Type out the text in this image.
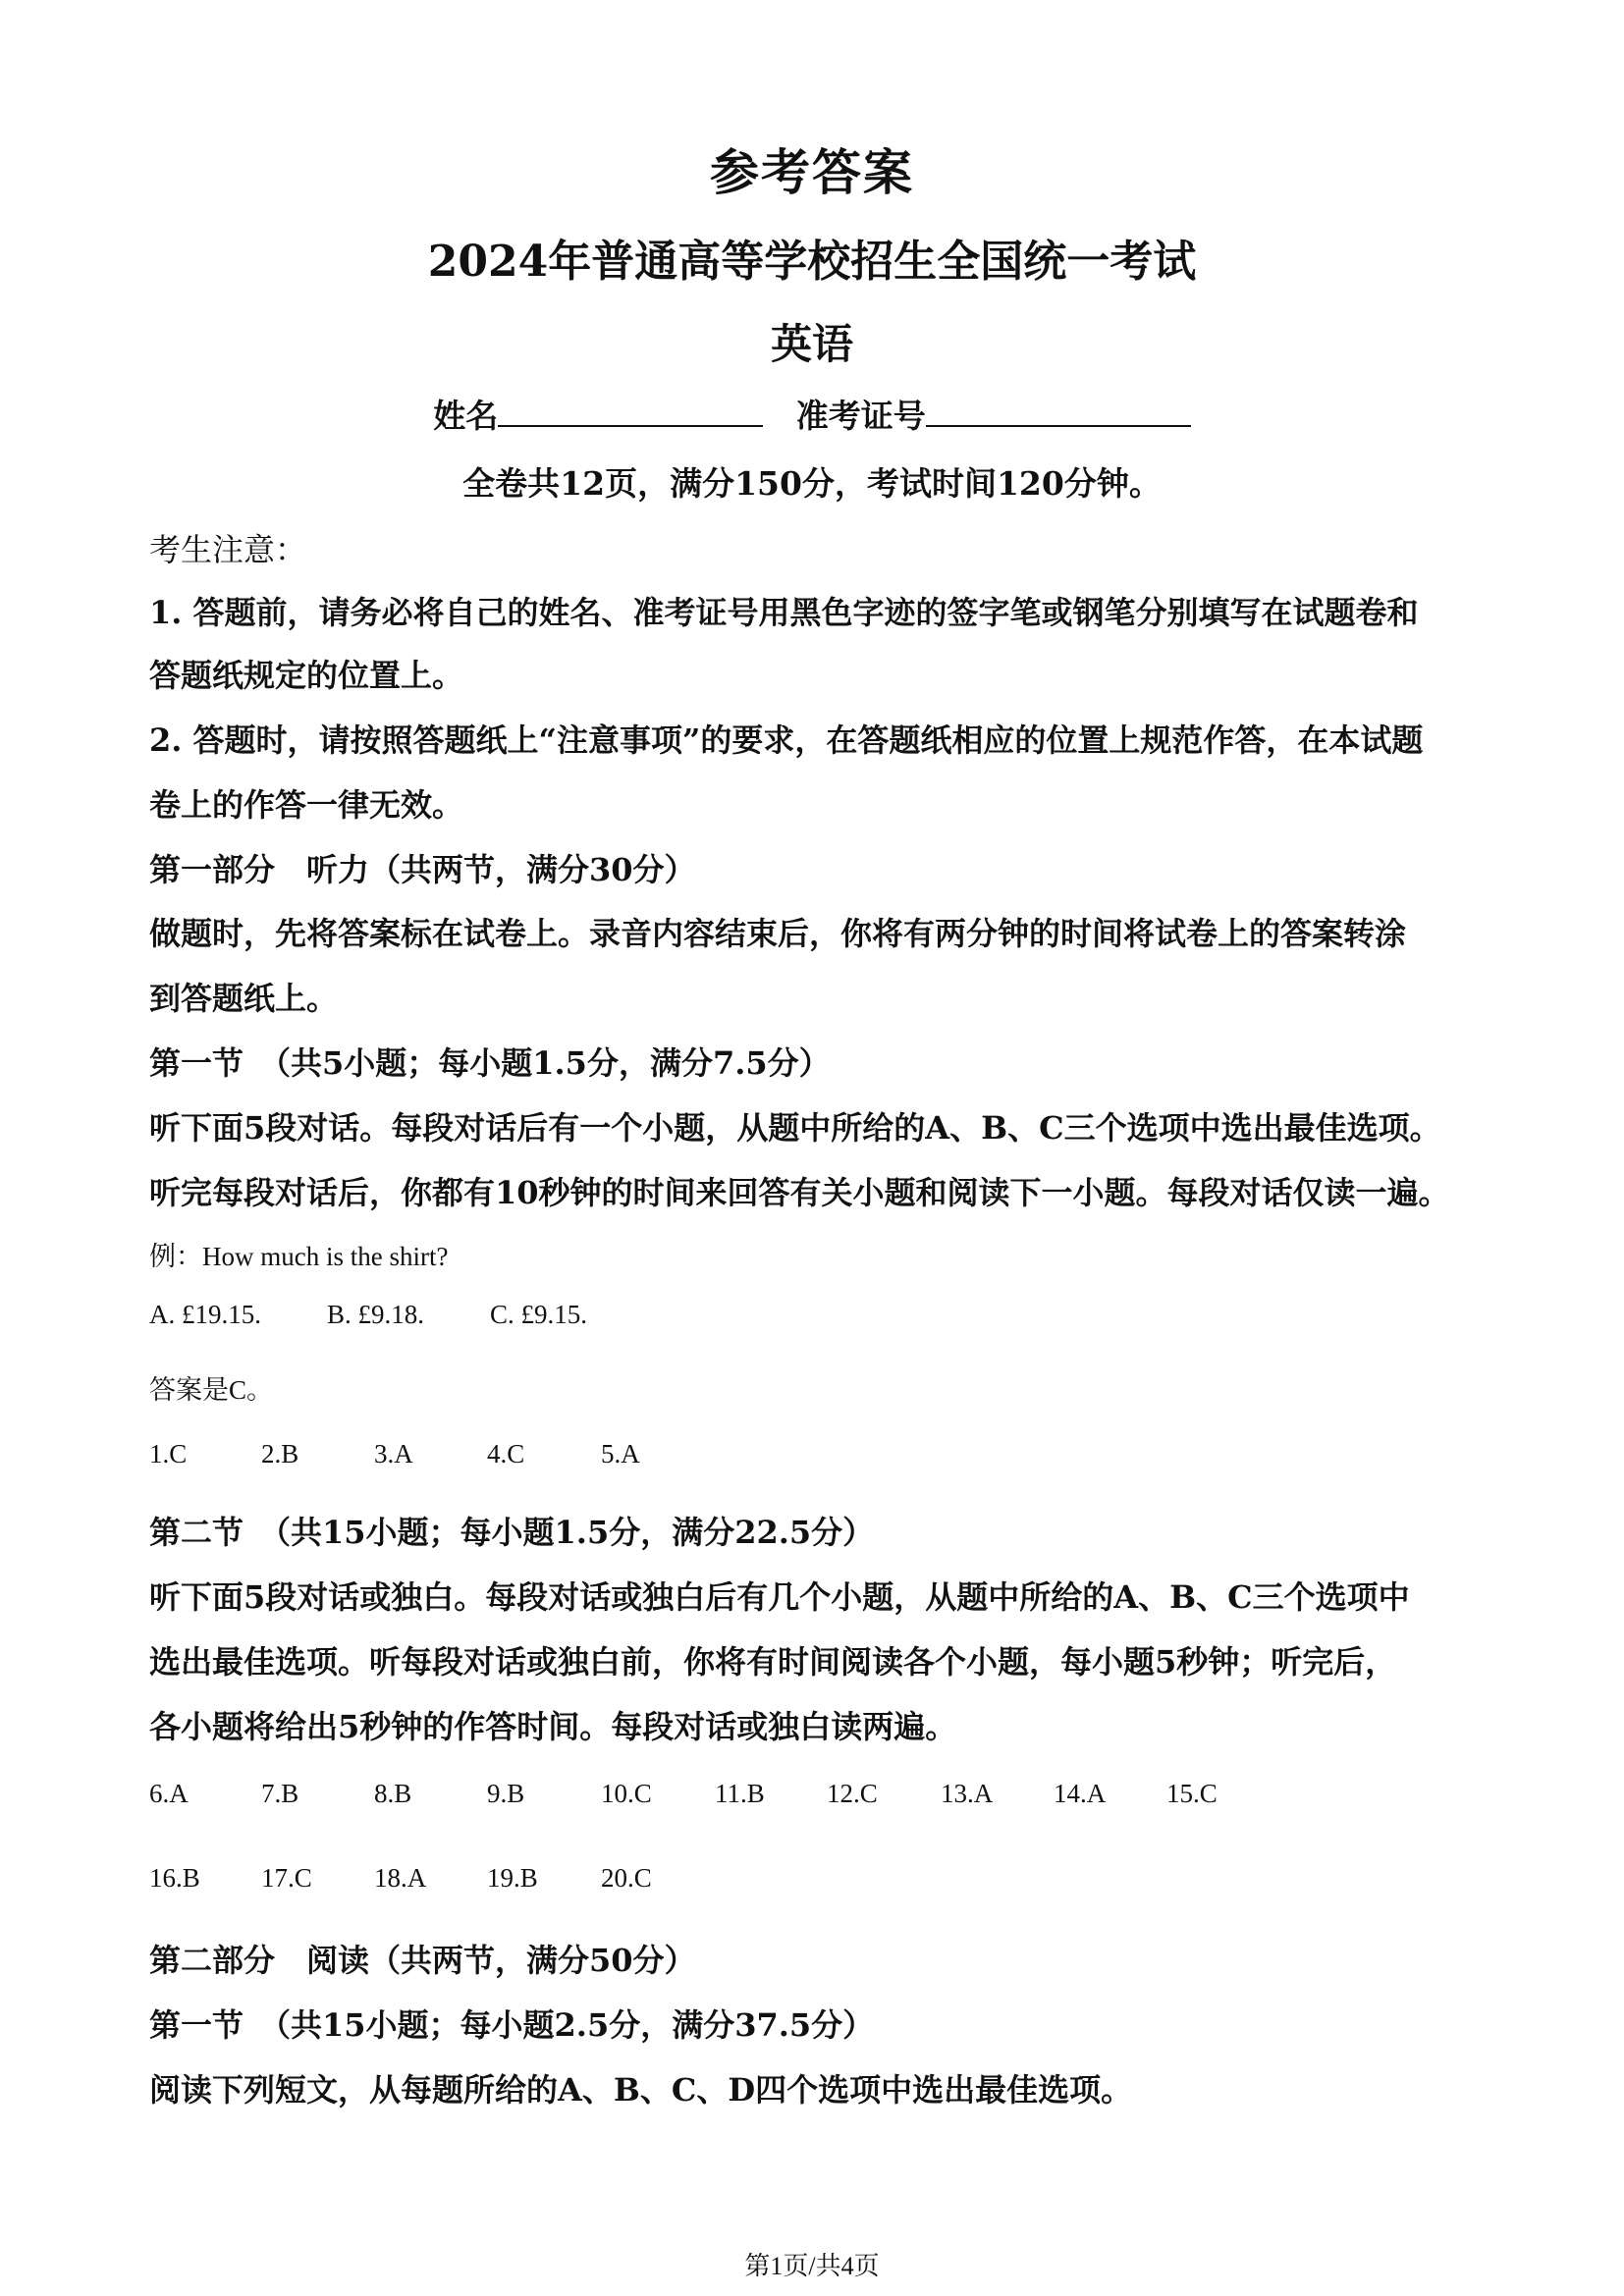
参考答案
2024年普通高等学校招生全国统一考试
英语
姓名	准考证号
全卷共12页，满分150分，考试时间120分钟。
考生注意：
1. 答题前，请务必将自己的姓名、准考证号用黑色字迹的签字笔或钢笔分别填写在试题卷和
答题纸规定的位置上。
2. 答题时，请按照答题纸上“注意事项”的要求，在答题纸相应的位置上规范作答，在本试题
卷上的作答一律无效。
第一部分　听力（共两节，满分30分）
做题时，先将答案标在试卷上。录音内容结束后，你将有两分钟的时间将试卷上的答案转涂
到答题纸上。
第一节　（共5小题；每小题1.5分，满分7.5分）
听下面5段对话。每段对话后有一个小题，从题中所给的A、B、C三个选项中选出最佳选项。
听完每段对话后，你都有10秒钟的时间来回答有关小题和阅读下一小题。每段对话仅读一遍。
例：How much is the shirt?
A. £19.15. B. £9.18. C. £9.15.
答案是C。
1.C	2.B	3.A	4.C	5.A
第二节　（共15小题；每小题1.5分，满分22.5分）
听下面5段对话或独白。每段对话或独白后有几个小题，从题中所给的A、B、C三个选项中
选出最佳选项。听每段对话或独白前，你将有时间阅读各个小题，每小题5秒钟；听完后，
各小题将给出5秒钟的作答时间。每段对话或独白读两遍。
6.A	7.B	8.B	9.B	10.C 11.B 12.C 13.A 14.A 15.C
16.B 17.C 18.A 19.B 20.C
第二部分　阅读（共两节，满分50分）
第一节　（共15小题；每小题2.5分，满分37.5分）
阅读下列短文，从每题所给的A、B、C、D四个选项中选出最佳选项。
第1页/共4页
